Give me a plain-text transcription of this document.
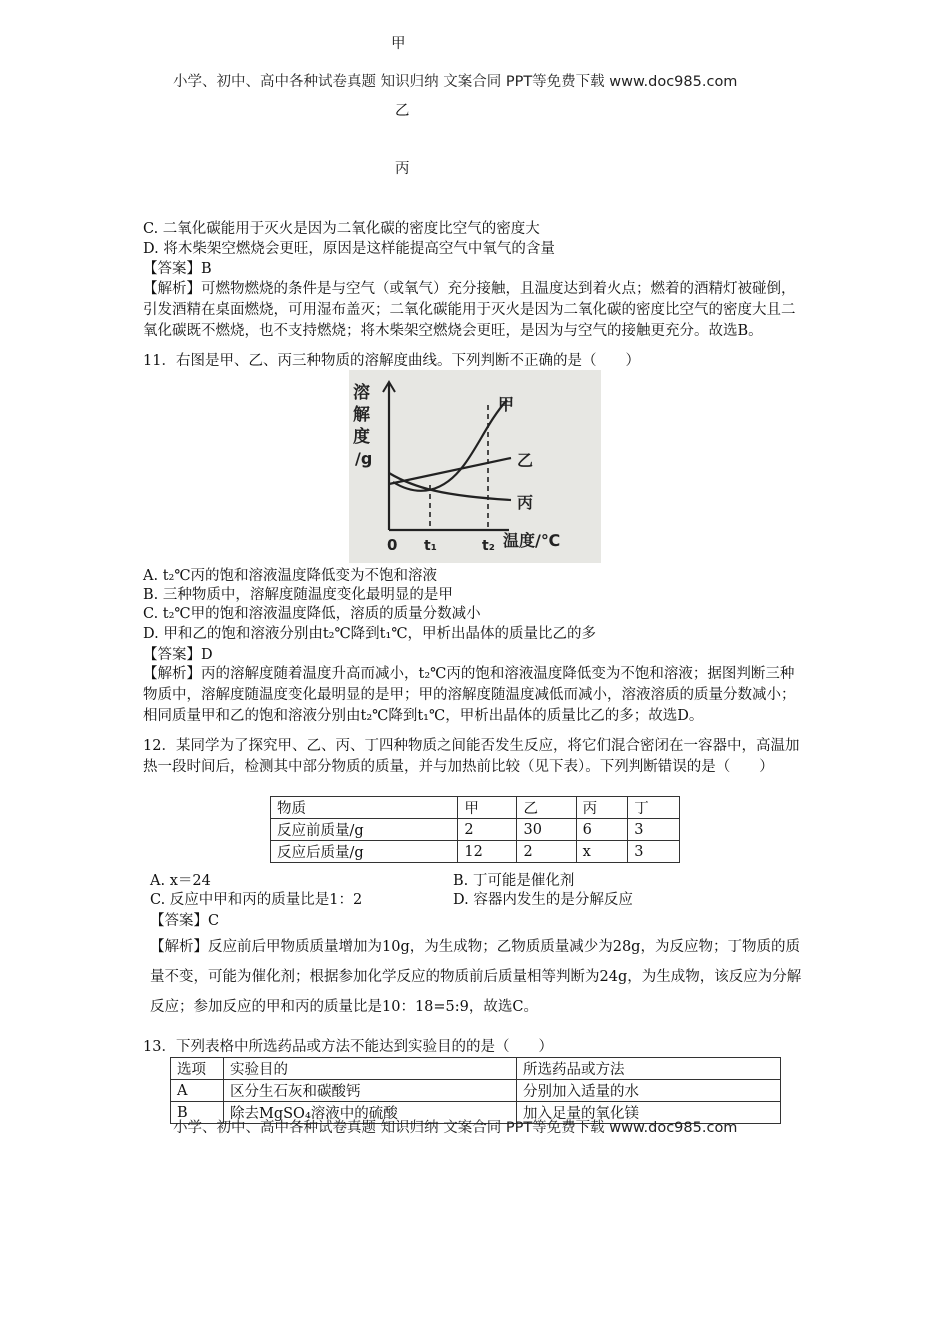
甲
小学、初中、高中各种试卷真题 知识归纳 文案合同 PPT等免费下载 www.doc985.com
乙
丙
C. 二氧化碳能用于灭火是因为二氧化碳的密度比空气的密度大
D. 将木柴架空燃烧会更旺，原因是这样能提高空气中氧气的含量
【答案】B
【解析】可燃物燃烧的条件是与空气（或氧气）充分接触，且温度达到着火点；燃着的酒精灯被碰倒，引发酒精在桌面燃烧，可用湿布盖灭；二氧化碳能用于灭火是因为二氧化碳的密度比空气的密度大且二氧化碳既不燃烧，也不支持燃烧；将木柴架空燃烧会更旺，是因为与空气的接触更充分。故选B。
11．右图是甲、乙、丙三种物质的溶解度曲线。下列判断不正确的是（　　）
溶
解
度
/g
甲
乙
丙
0 t₁	t₂ 温度/℃
A. t₂℃丙的饱和溶液温度降低变为不饱和溶液
B. 三种物质中，溶解度随温度变化最明显的是甲
C. t₂℃甲的饱和溶液温度降低，溶质的质量分数减小
D. 甲和乙的饱和溶液分别由t₂℃降到t₁℃，甲析出晶体的质量比乙的多
【答案】D
【解析】丙的溶解度随着温度升高而减小，t₂℃丙的饱和溶液温度降低变为不饱和溶液；据图判断三种物质中，溶解度随温度变化最明显的是甲；甲的溶解度随温度减低而减小，溶液溶质的质量分数减小；相同质量甲和乙的饱和溶液分别由t₂℃降到t₁℃，甲析出晶体的质量比乙的多；故选D。
12．某同学为了探究甲、乙、丙、丁四种物质之间能否发生反应，将它们混合密闭在一容器中，高温加热一段时间后，检测其中部分物质的质量，并与加热前比较（见下表）。下列判断错误的是（　　）
物质	甲	乙	丙	丁
反应前质量/g	2	30	6	3
反应后质量/g	12	2	x	3
A. x＝24	B. 丁可能是催化剂
C. 反应中甲和丙的质量比是1：2	D. 容器内发生的是分解反应
【答案】C
【解析】反应前后甲物质质量增加为10g，为生成物；乙物质质量减少为28g，为反应物；丁物质的质量不变，可能为催化剂；根据参加化学反应的物质前后质量相等判断为24g，为生成物，该反应为分解反应；参加反应的甲和丙的质量比是10：18=5:9，故选C。
13．下列表格中所选药品或方法不能达到实验目的的是（　　）
选项	实验目的	所选药品或方法
A	区分生石灰和碳酸钙	分别加入适量的水
B	除去MgSO₄溶液中的硫酸	加入足量的氧化镁
小学、初中、高中各种试卷真题 知识归纳 文案合同 PPT等免费下载 www.doc985.com
